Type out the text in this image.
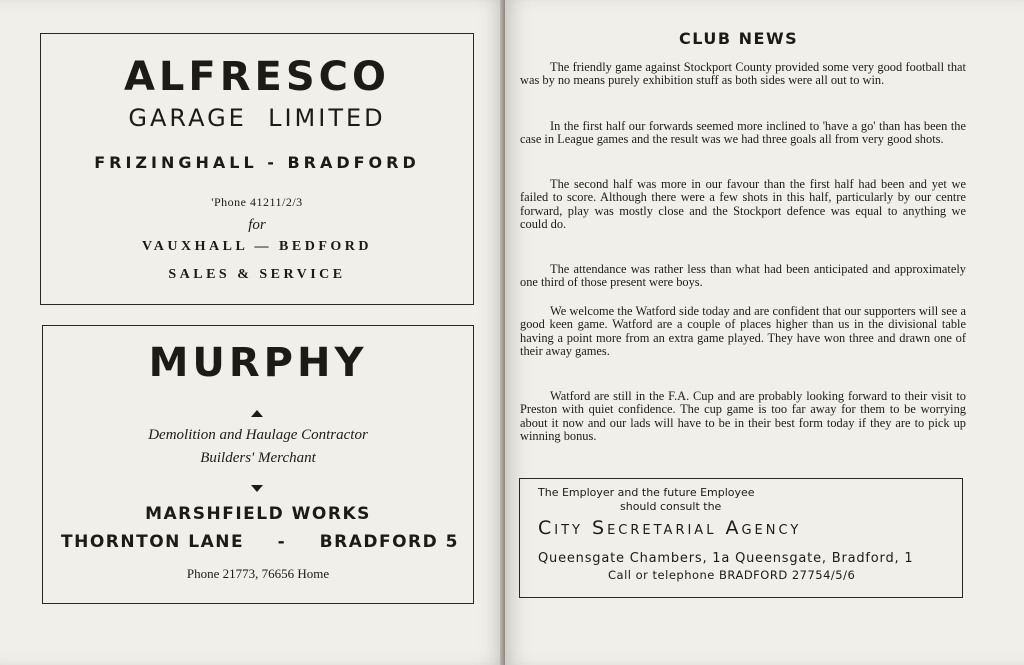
ALFRESCO
GARAGE  LIMITED
FRIZINGHALL - BRADFORD
'Phone 41211/2/3
for
VAUXHALL — BEDFORD
SALES & SERVICE
MURPHY
Demolition and Haulage Contractor
Builders' Merchant
MARSHFIELD WORKS
THORNTON LANE - BRADFORD 5
Phone 21773, 76656 Home
CLUB NEWS
The friendly game against Stockport County provided some very good football that was by no means purely exhibition stuff as both sides were all out to win.
In the first half our forwards seemed more inclined to 'have a go' than has been the case in League games and the result was we had three goals all from very good shots.
The second half was more in our favour than the first half had been and yet we failed to score. Although there were a few shots in this half, particularly by our centre forward, play was mostly close and the Stockport defence was equal to anything we could do.
The attendance was rather less than what had been anticipated and approximately one third of those present were boys.
We welcome the Watford side today and are confident that our supporters will see a good keen game. Watford are a couple of places higher than us in the divisional table having a point more from an extra game played. They have won three and drawn one of their away games.
Watford are still in the F.A. Cup and are probably looking forward to their visit to Preston with quiet confidence. The cup game is too far away for them to be worrying about it now and our lads will have to be in their best form today if they are to pick up winning bonus.
The Employer and the future Employee
should consult the
City Secretarial Agency
Queensgate Chambers, 1a Queensgate, Bradford, 1
Call or telephone BRADFORD 27754/5/6
